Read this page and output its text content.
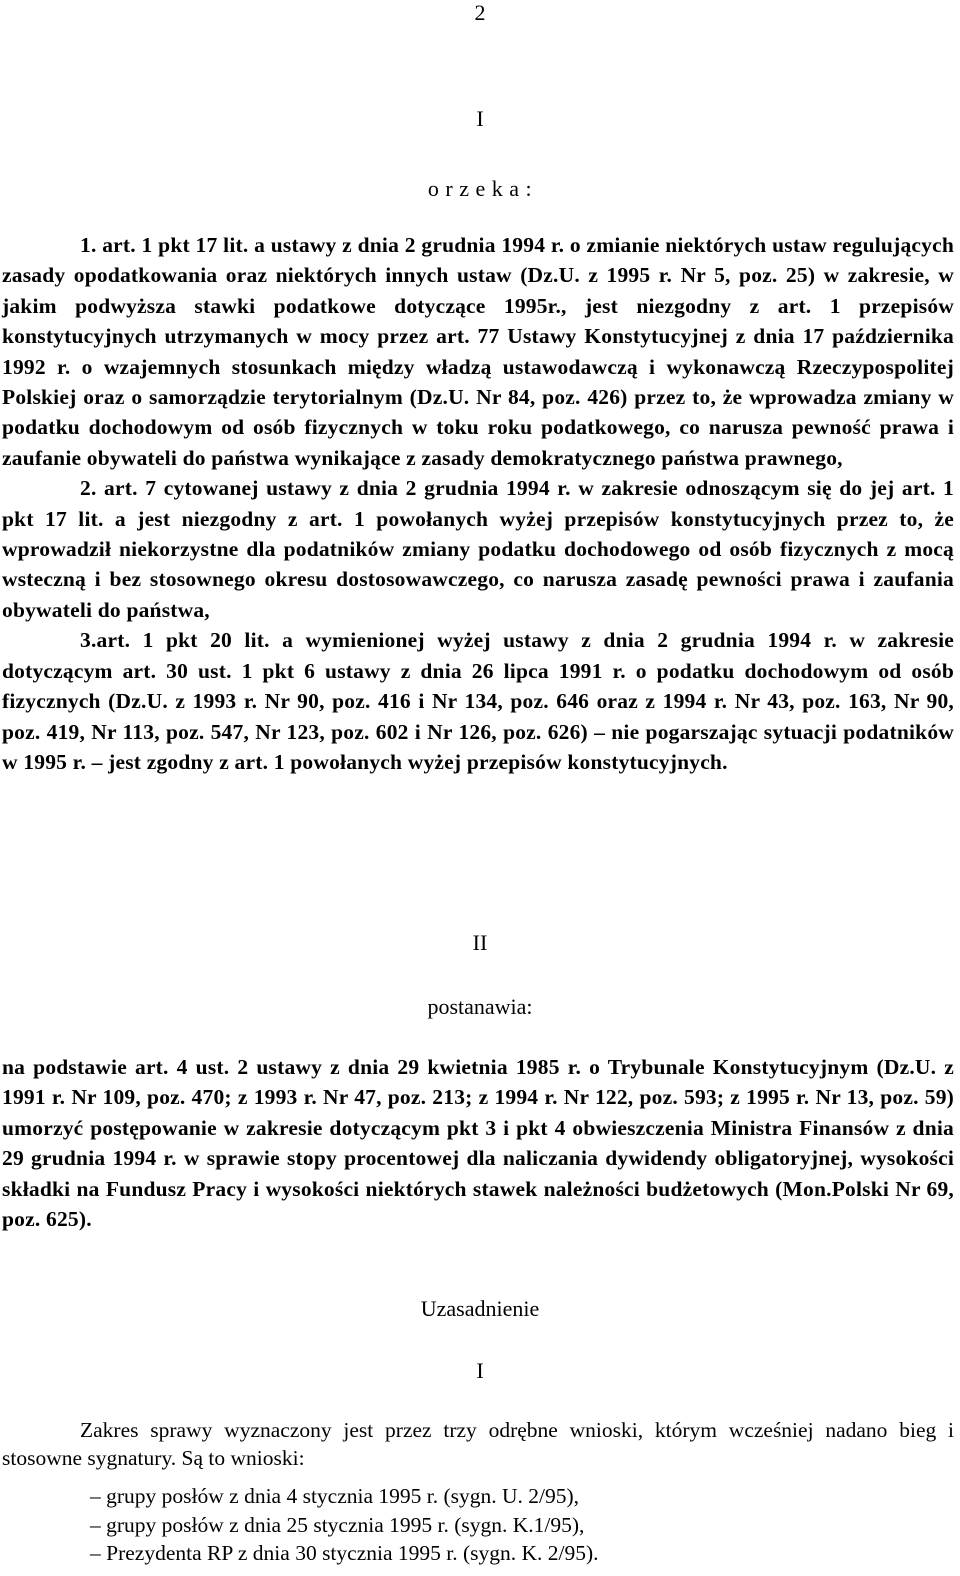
2
I
o r z e k a :

1. art. 1 pkt 17 lit. a ustawy z dnia 2 grudnia 1994 r. o zmianie niektórych ustaw regulujących zasady opodatkowania oraz niektórych innych ustaw (Dz.U. z 1995 r. Nr 5, poz. 25) w zakresie, w jakim podwyższa stawki podatkowe dotyczące 1995r., jest niezgodny z art. 1 przepisów konstytucyjnych utrzymanych w mocy przez art. 77 Ustawy Konstytucyjnej z dnia 17 października 1992 r. o wzajemnych stosunkach między władzą ustawodawczą i wykonawczą Rzeczypospolitej Polskiej oraz o samorządzie terytorialnym (Dz.U. Nr 84, poz. 426) przez to, że wprowadza zmiany w podatku dochodowym od osób fizycznych w toku roku podatkowego, co narusza pewność prawa i zaufanie obywateli do państwa wynikające z zasady demokratycznego państwa prawnego,

2. art. 7 cytowanej ustawy z dnia 2 grudnia 1994 r. w zakresie odnoszącym się do jej art. 1 pkt 17 lit. a jest niezgodny z art. 1 powołanych wyżej przepisów konstytucyjnych przez to, że wprowadził niekorzystne dla podatników zmiany podatku dochodowego od osób fizycznych z mocą wsteczną i bez stosownego okresu dostosowawczego, co narusza zasadę pewności prawa i zaufania obywateli do państwa,

3.art. 1 pkt 20 lit. a wymienionej wyżej ustawy z dnia 2 grudnia 1994 r. w zakresie dotyczącym art. 30 ust. 1 pkt 6 ustawy z dnia 26 lipca 1991 r. o podatku dochodowym od osób fizycznych (Dz.U. z 1993 r. Nr 90, poz. 416 i Nr 134, poz. 646 oraz z 1994 r. Nr 43, poz. 163, Nr 90, poz. 419, Nr 113, poz. 547, Nr 123, poz. 602 i Nr 126, poz. 626) – nie pogarszając sytuacji podatników w 1995 r. – jest zgodny z art. 1 powołanych wyżej przepisów konstytucyjnych.

II
postanawia:

na podstawie art. 4 ust. 2 ustawy z dnia 29 kwietnia 1985 r. o Trybunale Konstytucyjnym (Dz.U. z 1991 r. Nr 109, poz. 470; z 1993 r. Nr 47, poz. 213; z 1994 r. Nr 122, poz. 593; z 1995 r. Nr 13, poz. 59) umorzyć postępowanie w zakresie dotyczącym pkt 3 i pkt 4 obwieszczenia Ministra Finansów z dnia 29 grudnia 1994 r. w sprawie stopy procentowej dla naliczania dywidendy obligatoryjnej, wysokości składki na Fundusz Pracy i wysokości niektórych stawek należności budżetowych (Mon.Polski Nr 69, poz. 625).

Uzasadnienie
I

Zakres sprawy wyznaczony jest przez trzy odrębne wnioski, którym wcześniej nadano bieg i stosowne sygnatury. Są to wnioski:

– grupy posłów z dnia 4 stycznia 1995 r. (sygn. U. 2/95),
– grupy posłów z dnia 25 stycznia 1995 r. (sygn. K.1/95),
– Prezydenta RP z dnia 30 stycznia 1995 r. (sygn. K. 2/95).
